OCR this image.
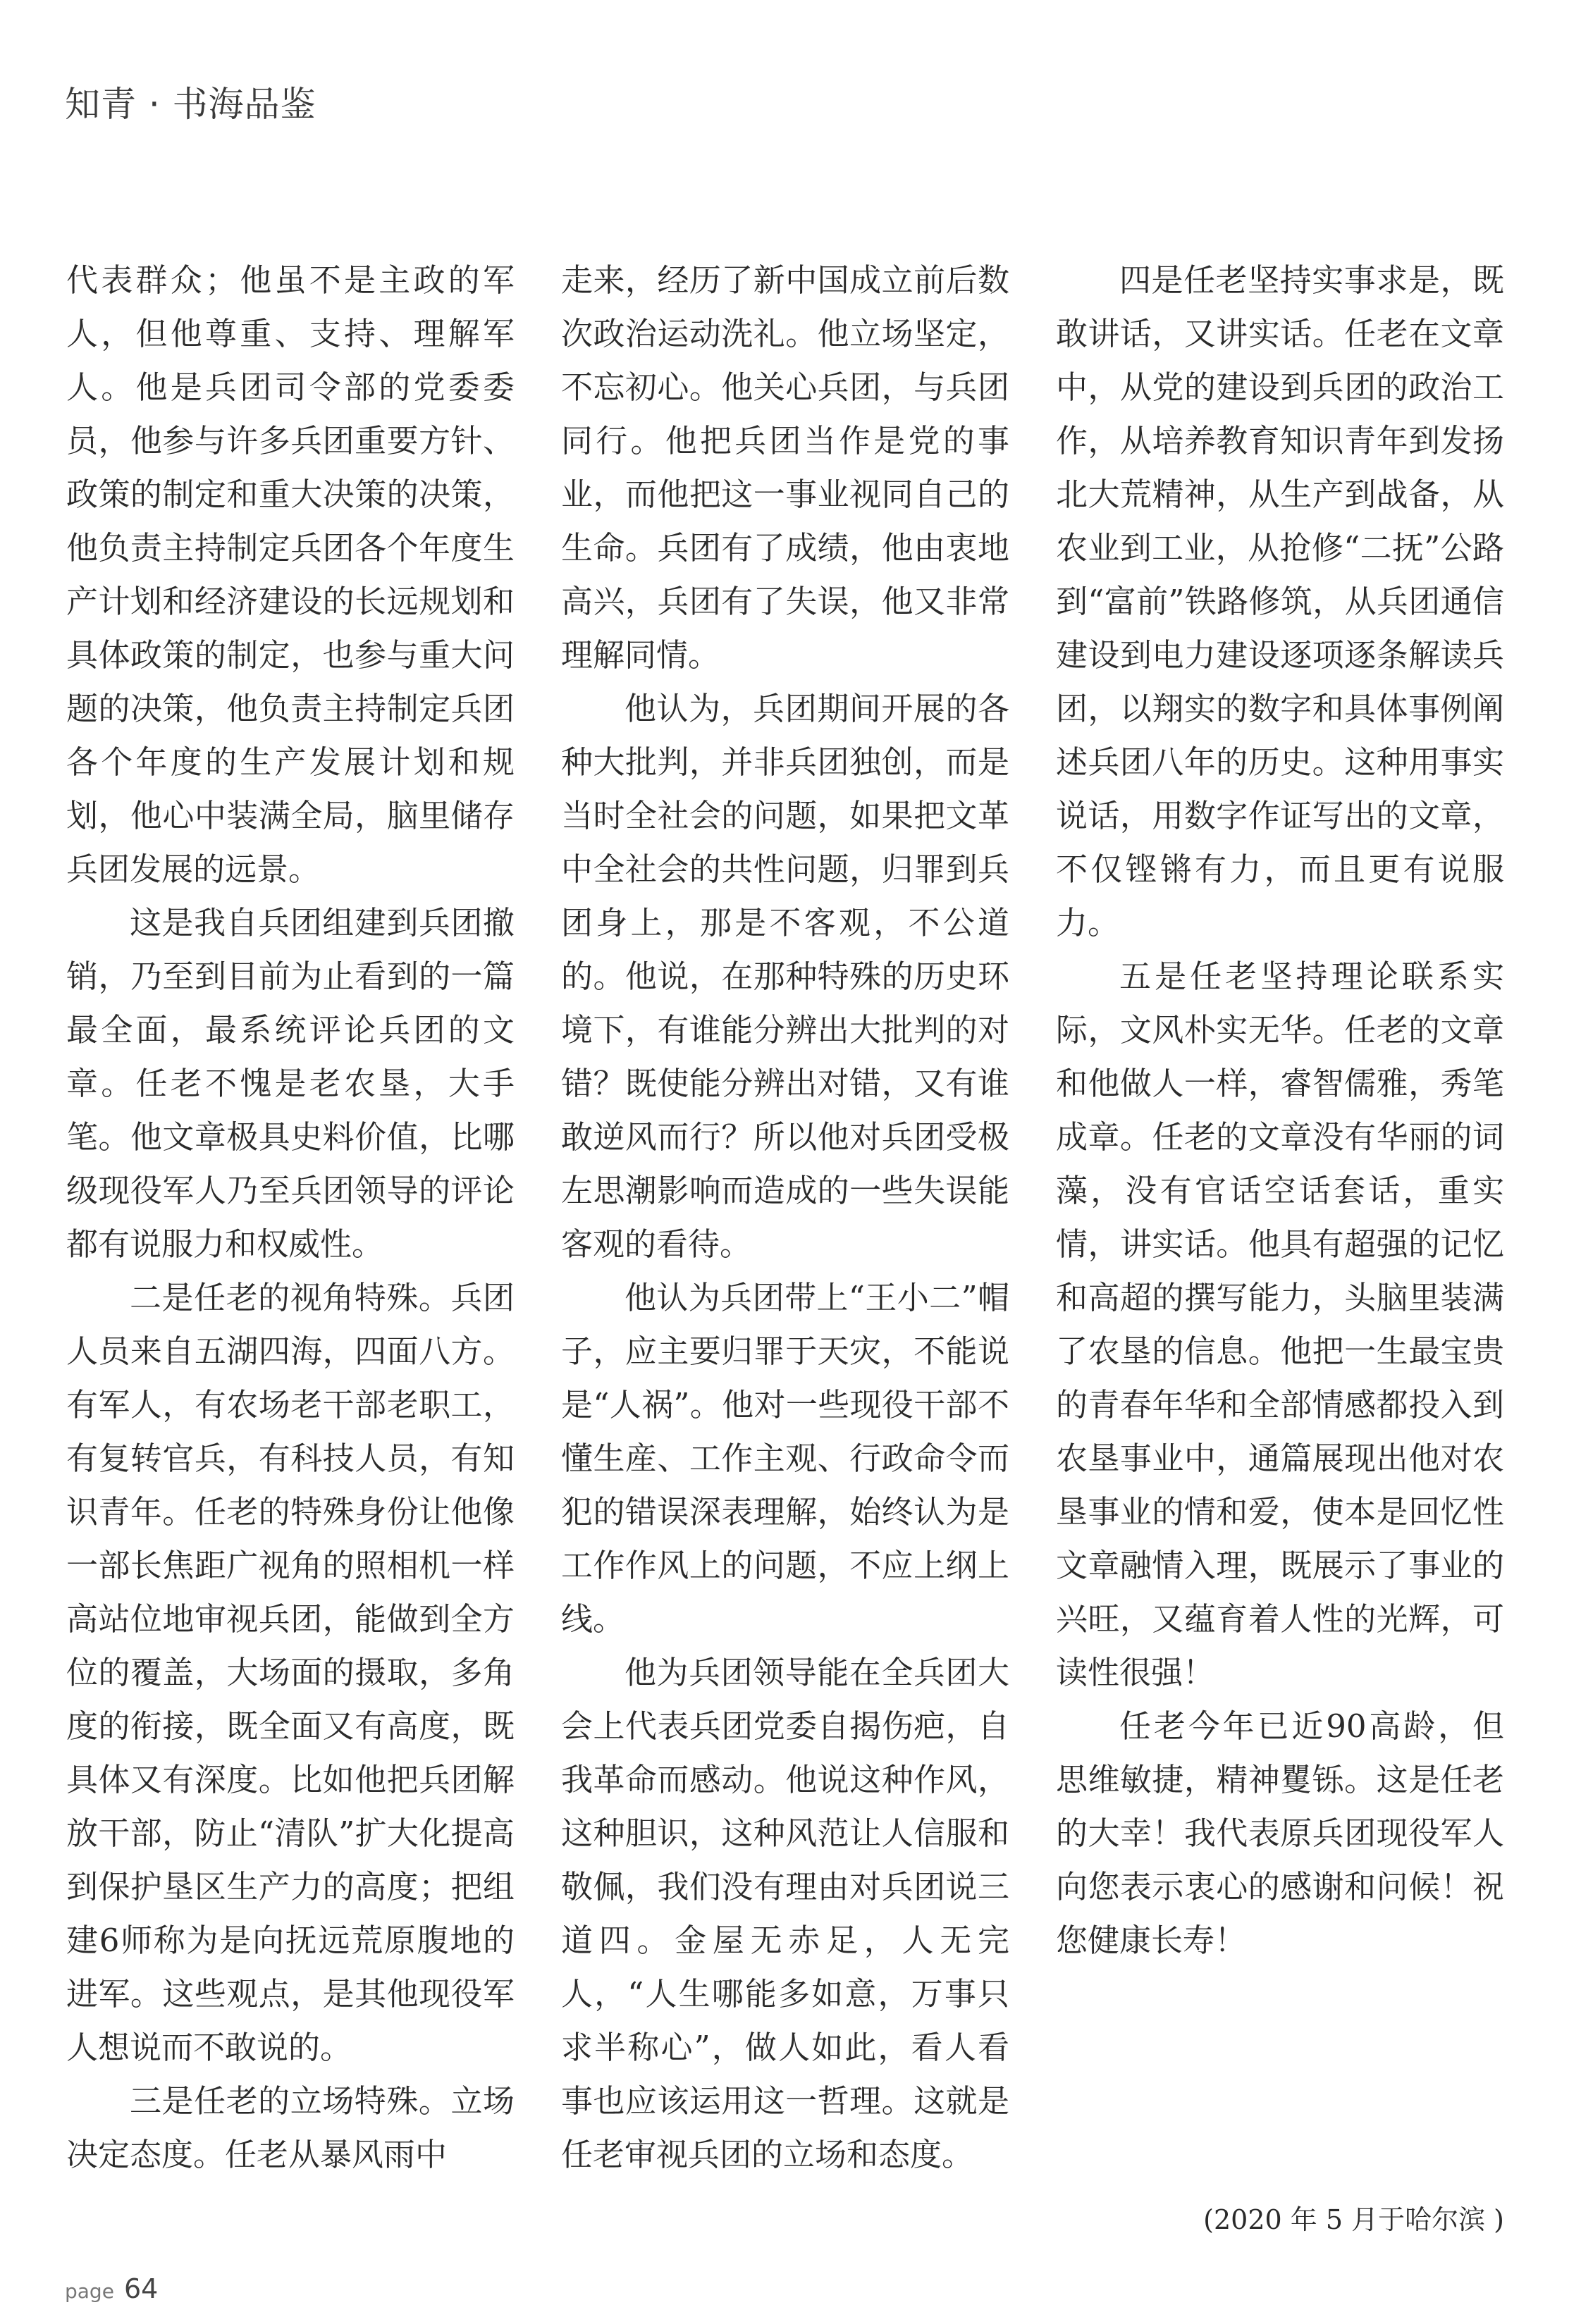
知青 · 书海品鉴

代表群众；他虽不是主政的军人，但他尊重、支持、理解军人。他是兵团司令部的党委委员，他参与许多兵团重要方针、政策的制定和重大决策的决策，他负责主持制定兵团各个年度生产计划和经济建设的长远规划和具体政策的制定，也参与重大问题的决策，他负责主持制定兵团各个年度的生产发展计划和规划，他心中装满全局，脑里储存兵团发展的远景。

这是我自兵团组建到兵团撤销，乃至到目前为止看到的一篇最全面，最系统评论兵团的文章。任老不愧是老农垦，大手笔。他文章极具史料价值，比哪级现役军人乃至兵团领导的评论都有说服力和权威性。

二是任老的视角特殊。兵团人员来自五湖四海，四面八方。有军人，有农场老干部老职工，有复转官兵，有科技人员，有知识青年。任老的特殊身份让他像一部长焦距广视角的照相机一样高站位地审视兵团，能做到全方位的覆盖，大场面的摄取，多角度的衔接，既全面又有高度，既具体又有深度。比如他把兵团解放干部，防止“清队”扩大化提高到保护垦区生产力的高度；把组建6师称为是向抚远荒原腹地的进军。这些观点，是其他现役军人想说而不敢说的。

三是任老的立场特殊。立场决定态度。任老从暴风雨中

走来，经历了新中国成立前后数次政治运动洗礼。他立场坚定，不忘初心。他关心兵团，与兵团同行。他把兵团当作是党的事业，而他把这一事业视同自己的生命。兵团有了成绩，他由衷地高兴，兵团有了失误，他又非常理解同情。

他认为，兵团期间开展的各种大批判，并非兵团独创，而是当时全社会的问题，如果把文革中全社会的共性问题，归罪到兵团身上，那是不客观，不公道的。他说，在那种特殊的历史环境下，有谁能分辨出大批判的对错？既使能分辨出对错，又有谁敢逆风而行？所以他对兵团受极左思潮影响而造成的一些失误能客观的看待。

他认为兵团带上“王小二”帽子，应主要归罪于天灾，不能说是“人祸”。他对一些现役干部不懂生産、工作主观、行政命令而犯的错误深表理解，始终认为是工作作风上的问题，不应上纲上线。

他为兵团领导能在全兵团大会上代表兵团党委自揭伤疤，自我革命而感动。他说这种作风，这种胆识，这种风范让人信服和敬佩，我们没有理由对兵团说三道四。金屋无赤足，人无完人，“人生哪能多如意，万事只求半称心”，做人如此，看人看事也应该运用这一哲理。这就是任老审视兵团的立场和态度。

四是任老坚持实事求是，既敢讲话，又讲实话。任老在文章中，从党的建设到兵团的政治工作，从培养教育知识青年到发扬北大荒精神，从生产到战备，从农业到工业，从抢修“二抚”公路到“富前”铁路修筑，从兵团通信建设到电力建设逐项逐条解读兵团，以翔实的数字和具体事例阐述兵团八年的历史。这种用事实说话，用数字作证写出的文章，不仅铿锵有力，而且更有说服力。

五是任老坚持理论联系实际，文风朴实无华。任老的文章和他做人一样，睿智儒雅，秀笔成章。任老的文章没有华丽的词藻，没有官话空话套话，重实情，讲实话。他具有超强的记忆和高超的撰写能力，头脑里装满了农垦的信息。他把一生最宝贵的青春年华和全部情感都投入到农垦事业中，通篇展现出他对农垦事业的情和爱，使本是回忆性文章融情入理，既展示了事业的兴旺，又蕴育着人性的光辉，可读性很强！

任老今年已近90高龄，但思维敏捷，精神矍铄。这是任老的大幸！我代表原兵团现役军人向您表示衷心的感谢和问候！祝您健康长寿！

(2020 年 5 月于哈尔滨 )
page 64
